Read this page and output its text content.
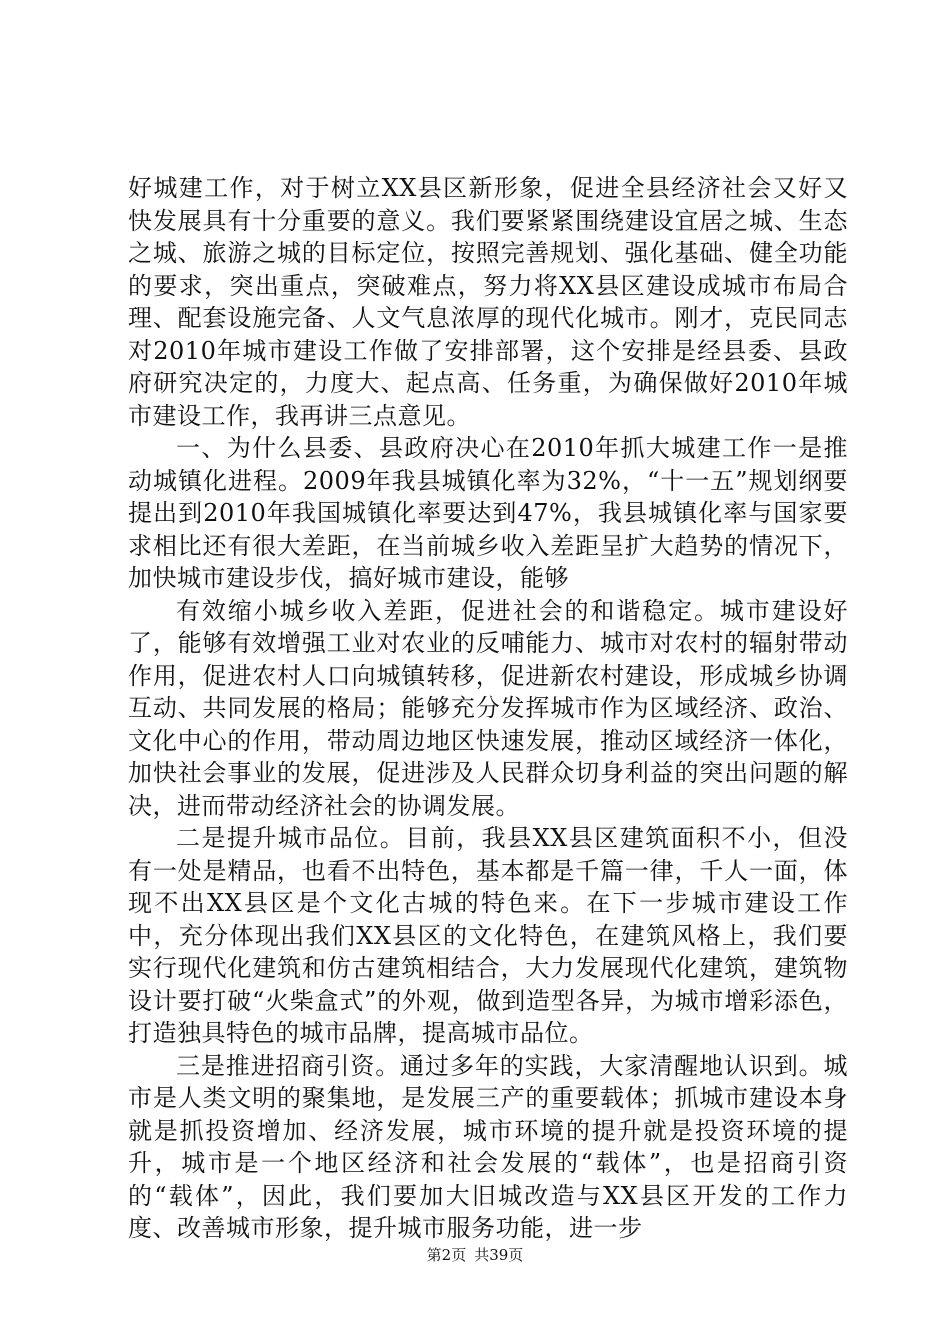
好城建工作，对于树立XX县区新形象，促进全县经济社会又好又快发展具有十分重要的意义。我们要紧紧围绕建设宜居之城、生态之城、旅游之城的目标定位，按照完善规划、强化基础、健全功能的要求，突出重点，突破难点，努力将XX县区建设成城市布局合理、配套设施完备、人文气息浓厚的现代化城市。刚才，克民同志对2010年城市建设工作做了安排部署，这个安排是经县委、县政府研究决定的，力度大、起点高、任务重，为确保做好2010年城市建设工作，我再讲三点意见。

一、为什么县委、县政府决心在2010年抓大城建工作一是推动城镇化进程。2009年我县城镇化率为32%，“十一五”规划纲要提出到2010年我国城镇化率要达到47%，我县城镇化率与国家要求相比还有很大差距，在当前城乡收入差距呈扩大趋势的情况下，加快城市建设步伐，搞好城市建设，能够

有效缩小城乡收入差距，促进社会的和谐稳定。城市建设好了，能够有效增强工业对农业的反哺能力、城市对农村的辐射带动作用，促进农村人口向城镇转移，促进新农村建设，形成城乡协调互动、共同发展的格局；能够充分发挥城市作为区域经济、政治、文化中心的作用，带动周边地区快速发展，推动区域经济一体化，加快社会事业的发展，促进涉及人民群众切身利益的突出问题的解决，进而带动经济社会的协调发展。

二是提升城市品位。目前，我县XX县区建筑面积不小，但没有一处是精品，也看不出特色，基本都是千篇一律，千人一面，体现不出XX县区是个文化古城的特色来。在下一步城市建设工作中，充分体现出我们XX县区的文化特色，在建筑风格上，我们要实行现代化建筑和仿古建筑相结合，大力发展现代化建筑，建筑物设计要打破“火柴盒式”的外观，做到造型各异，为城市增彩添色，打造独具特色的城市品牌，提高城市品位。

三是推进招商引资。通过多年的实践，大家清醒地认识到。城市是人类文明的聚集地，是发展三产的重要载体；抓城市建设本身就是抓投资增加、经济发展，城市环境的提升就是投资环境的提升，城市是一个地区经济和社会发展的“载体”，也是招商引资的“载体”，因此，我们要加大旧城改造与XX县区开发的工作力度、改善城市形象，提升城市服务功能，进一步

第2页 共39页
